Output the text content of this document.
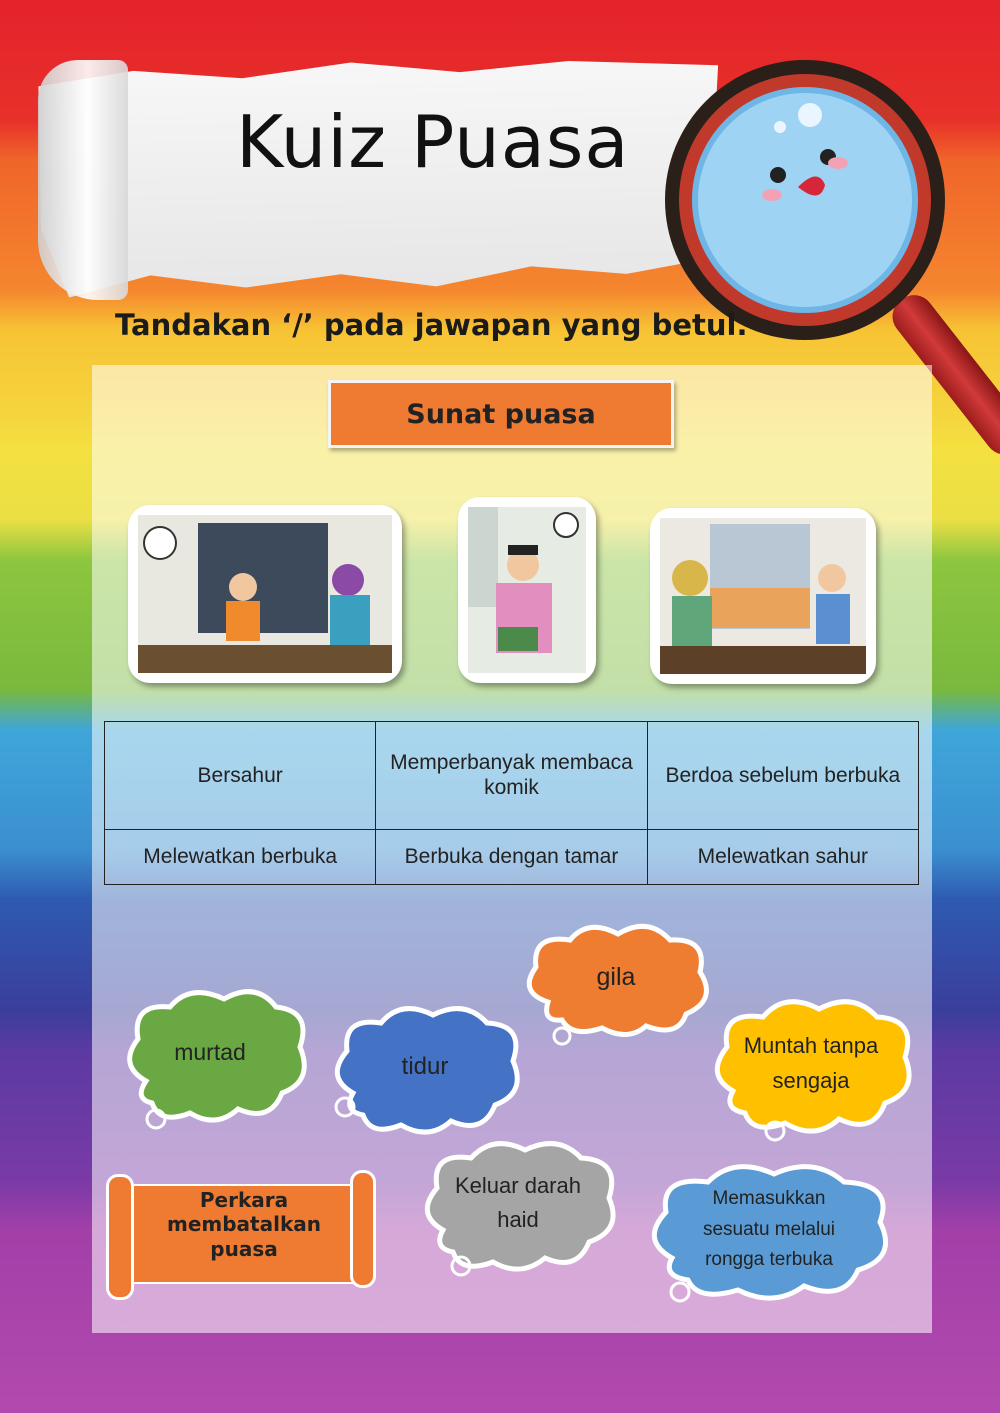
Kuiz Puasa
Tandakan ‘/’ pada jawapan yang betul.
Sunat puasa
Bersahur	Memperbanyak membaca komik	Berdoa sebelum berbuka
Melewatkan berbuka	Berbuka dengan tamar	Melewatkan sahur
gila
murtad
tidur
Muntah tanpa sengaja
Keluar darah haid
Memasukkan sesuatu melalui rongga terbuka
Perkara membatalkan puasa
